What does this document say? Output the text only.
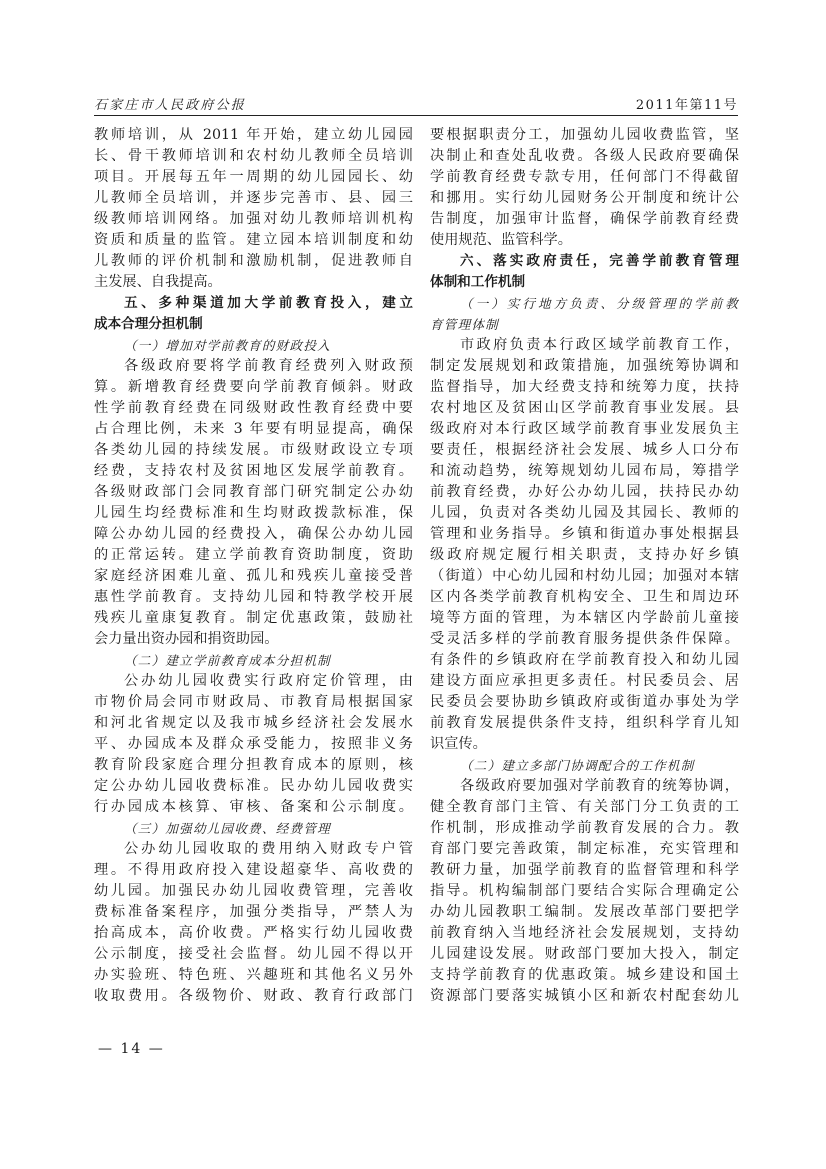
石家庄市人民政府公报	2011年第11号
教师培训，从 2011 年开始，建立幼儿园园
长、骨干教师培训和农村幼儿教师全员培训
项目。开展每五年一周期的幼儿园园长、幼
儿教师全员培训，并逐步完善市、县、园三
级教师培训网络。加强对幼儿教师培训机构
资质和质量的监管。建立园本培训制度和幼
儿教师的评价机制和激励机制，促进教师自
主发展、自我提高。
五、多种渠道加大学前教育投入，建立
成本合理分担机制
（一）增加对学前教育的财政投入
各级政府要将学前教育经费列入财政预
算。新增教育经费要向学前教育倾斜。财政
性学前教育经费在同级财政性教育经费中要
占合理比例，未来 3 年要有明显提高，确保
各类幼儿园的持续发展。市级财政设立专项
经费，支持农村及贫困地区发展学前教育。
各级财政部门会同教育部门研究制定公办幼
儿园生均经费标准和生均财政拨款标准，保
障公办幼儿园的经费投入，确保公办幼儿园
的正常运转。建立学前教育资助制度，资助
家庭经济困难儿童、孤儿和残疾儿童接受普
惠性学前教育。支持幼儿园和特教学校开展
残疾儿童康复教育。制定优惠政策，鼓励社
会力量出资办园和捐资助园。
（二）建立学前教育成本分担机制
公办幼儿园收费实行政府定价管理，由
市物价局会同市财政局、市教育局根据国家
和河北省规定以及我市城乡经济社会发展水
平、办园成本及群众承受能力，按照非义务
教育阶段家庭合理分担教育成本的原则，核
定公办幼儿园收费标准。民办幼儿园收费实
行办园成本核算、审核、备案和公示制度。
（三）加强幼儿园收费、经费管理
公办幼儿园收取的费用纳入财政专户管
理。不得用政府投入建设超豪华、高收费的
幼儿园。加强民办幼儿园收费管理，完善收
费标准备案程序，加强分类指导，严禁人为
抬高成本，高价收费。严格实行幼儿园收费
公示制度，接受社会监督。幼儿园不得以开
办实验班、特色班、兴趣班和其他名义另外
收取费用。各级物价、财政、教育行政部门
要根据职责分工，加强幼儿园收费监管，坚
决制止和查处乱收费。各级人民政府要确保
学前教育经费专款专用，任何部门不得截留
和挪用。实行幼儿园财务公开制度和统计公
告制度，加强审计监督，确保学前教育经费
使用规范、监管科学。
六、落实政府责任，完善学前教育管理
体制和工作机制
（一）实行地方负责、分级管理的学前教
育管理体制
市政府负责本行政区域学前教育工作，
制定发展规划和政策措施，加强统筹协调和
监督指导，加大经费支持和统筹力度，扶持
农村地区及贫困山区学前教育事业发展。县
级政府对本行政区域学前教育事业发展负主
要责任，根据经济社会发展、城乡人口分布
和流动趋势，统筹规划幼儿园布局，筹措学
前教育经费，办好公办幼儿园，扶持民办幼
儿园，负责对各类幼儿园及其园长、教师的
管理和业务指导。乡镇和街道办事处根据县
级政府规定履行相关职责，支持办好乡镇
（街道）中心幼儿园和村幼儿园；加强对本辖
区内各类学前教育机构安全、卫生和周边环
境等方面的管理，为本辖区内学龄前儿童接
受灵活多样的学前教育服务提供条件保障。
有条件的乡镇政府在学前教育投入和幼儿园
建设方面应承担更多责任。村民委员会、居
民委员会要协助乡镇政府或街道办事处为学
前教育发展提供条件支持，组织科学育儿知
识宣传。
（二）建立多部门协调配合的工作机制
各级政府要加强对学前教育的统筹协调，
健全教育部门主管、有关部门分工负责的工
作机制，形成推动学前教育发展的合力。教
育部门要完善政策，制定标准，充实管理和
教研力量，加强学前教育的监督管理和科学
指导。机构编制部门要结合实际合理确定公
办幼儿园教职工编制。发展改革部门要把学
前教育纳入当地经济社会发展规划，支持幼
儿园建设发展。财政部门要加大投入，制定
支持学前教育的优惠政策。城乡建设和国土
资源部门要落实城镇小区和新农村配套幼儿
— 14 —
